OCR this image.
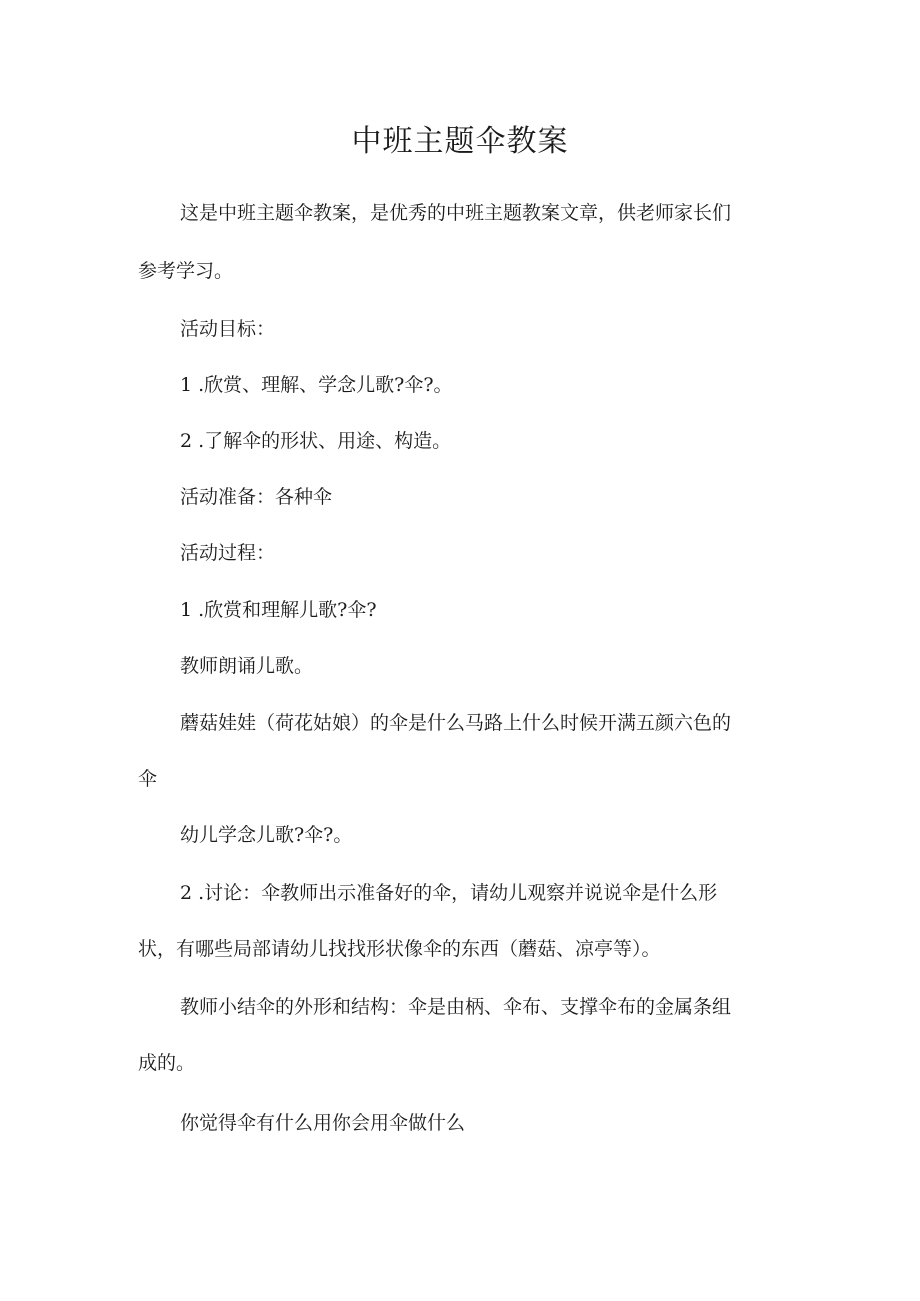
中班主题伞教案
这是中班主题伞教案，是优秀的中班主题教案文章，供老师家长们
参考学习。
活动目标：
1 .欣赏、理解、学念儿歌?伞?。
2 .了解伞的形状、用途、构造。
活动准备：各种伞
活动过程：
1 .欣赏和理解儿歌?伞?
教师朗诵儿歌。
蘑菇娃娃（荷花姑娘）的伞是什么马路上什么时候开满五颜六色的
伞
幼儿学念儿歌?伞?。
2 .讨论：伞教师出示准备好的伞，请幼儿观察并说说伞是什么形
状，有哪些局部请幼儿找找形状像伞的东西（蘑菇、凉亭等）。
教师小结伞的外形和结构：伞是由柄、伞布、支撑伞布的金属条组
成的。
你觉得伞有什么用你会用伞做什么
